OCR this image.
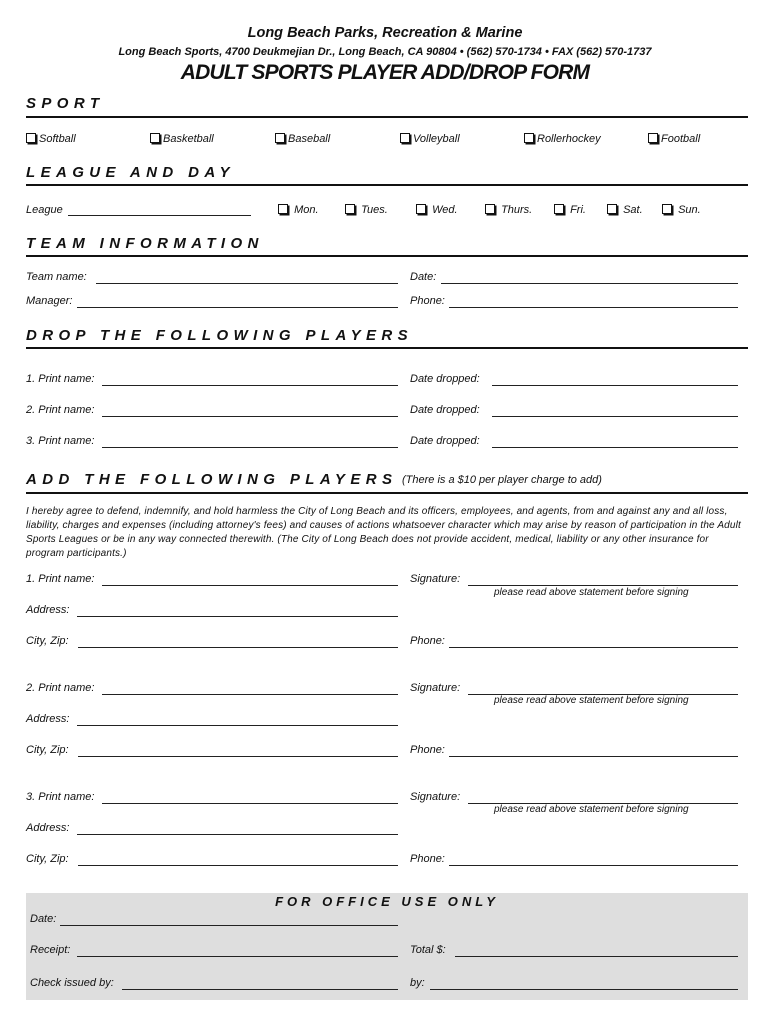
Long Beach Parks, Recreation & Marine
Long Beach Sports, 4700 Deukmejian Dr., Long Beach, CA 90804 • (562) 570-1734 • FAX (562) 570-1737
ADULT SPORTS PLAYER ADD/DROP FORM
SPORT
Softball	Basketball	Baseball	Volleyball	Rollerhockey	Football
LEAGUE AND DAY
League	Mon.	Tues.	Wed.	Thurs.	Fri.	Sat.	Sun.
TEAM INFORMATION
Team name:	Date:
Manager:	Phone:
DROP THE FOLLOWING PLAYERS
1. Print name:	Date dropped:
2. Print name:	Date dropped:
3. Print name:	Date dropped:
ADD THE FOLLOWING PLAYERS (There is a $10 per player charge to add)
I hereby agree to defend, indemnify, and hold harmless the City of Long Beach and its officers, employees, and agents, from and against any and all loss, liability, charges and expenses (including attorney's fees) and causes of actions whatsoever character which may arise by reason of participation in the Adult Sports Leagues or be in any way connected therewith. (The City of Long Beach does not provide accident, medical, liability or any other insurance for program participants.)
1. Print name:	Signature:
please read above statement before signing
Address:
City, Zip:	Phone:
2. Print name:	Signature:
please read above statement before signing
Address:
City, Zip:	Phone:
3. Print name:	Signature:
please read above statement before signing
Address:
City, Zip:	Phone:
FOR OFFICE USE ONLY
Date:
Receipt:	Total $:
Check issued by:	by:
